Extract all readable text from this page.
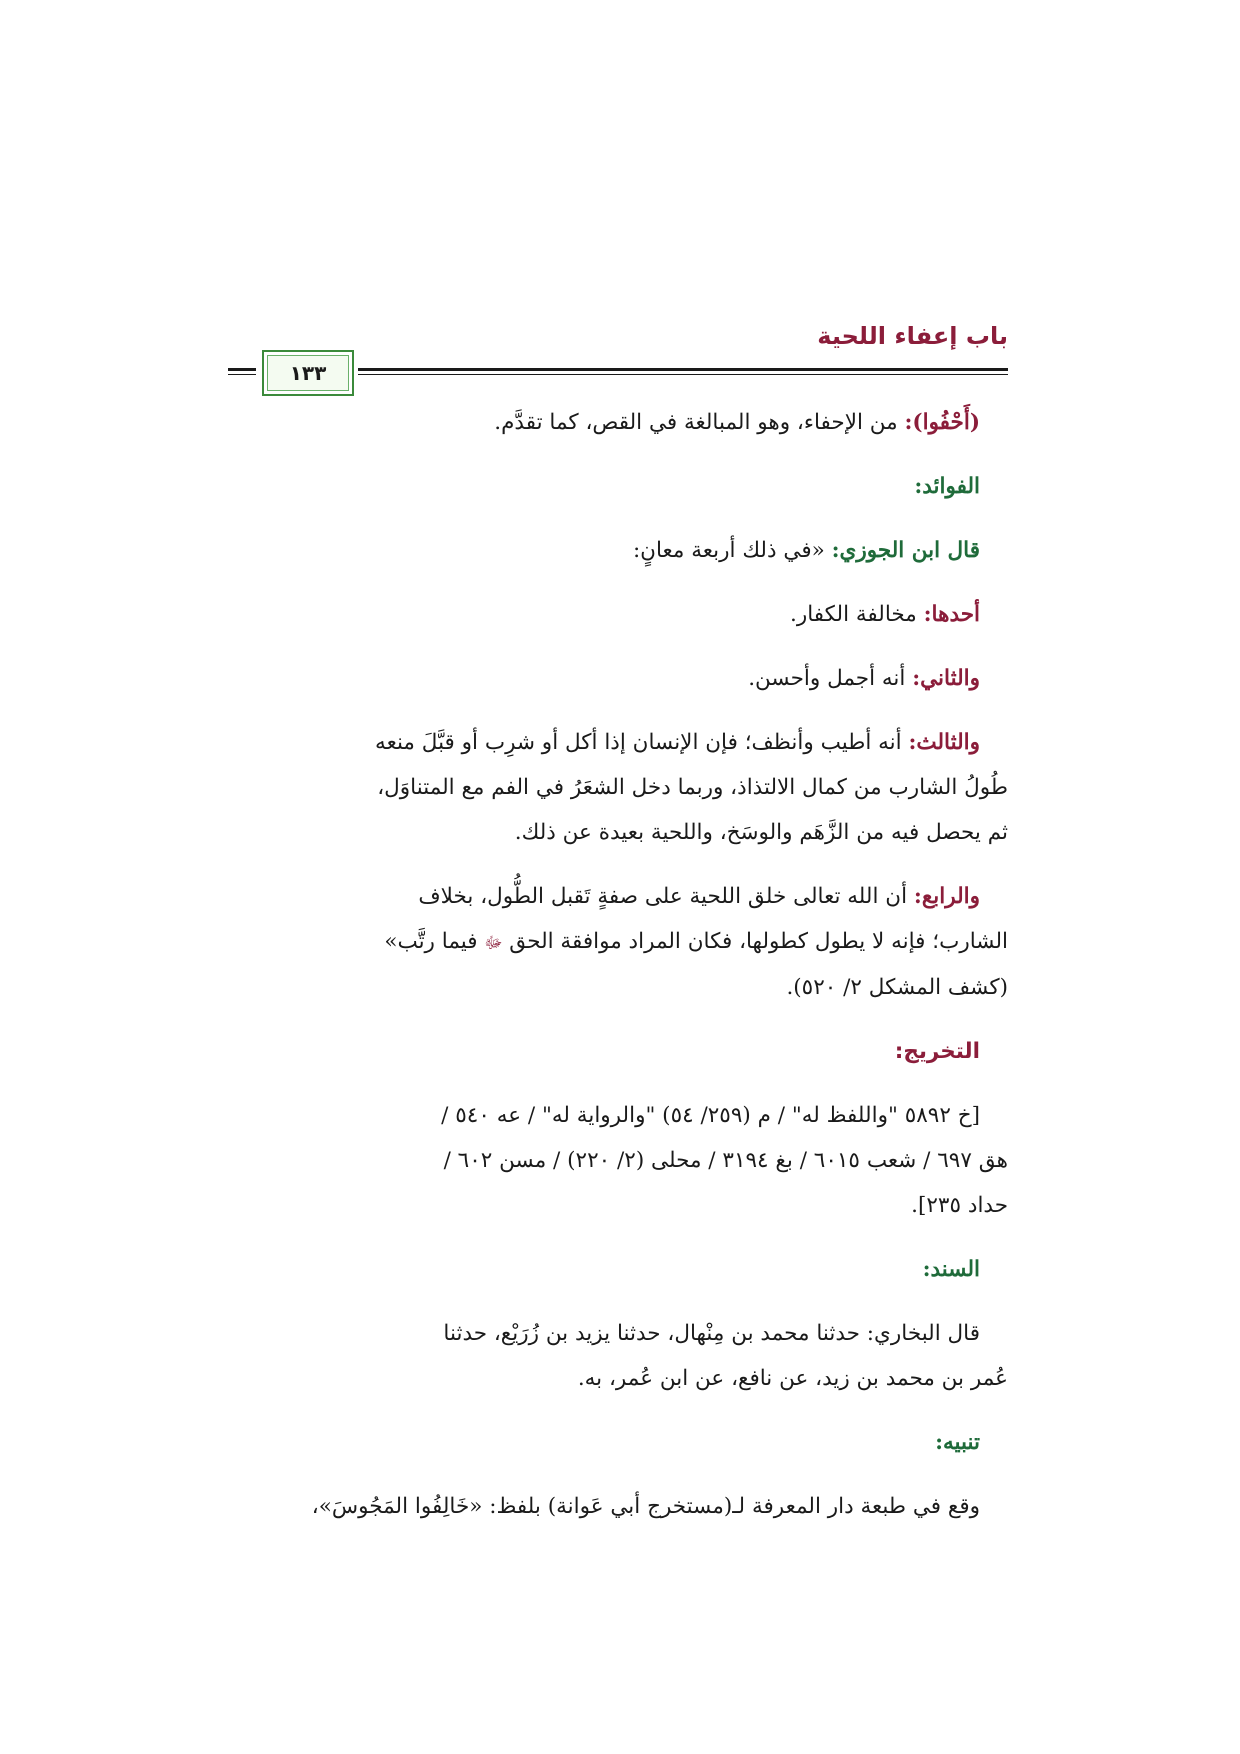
باب إعفاء اللحية
١٣٣

(أَحْفُوا): من الإحفاء، وهو المبالغة في القص، كما تقدَّم.

الفوائد:

قال ابن الجوزي: «في ذلك أربعة معانٍ:

أحدها: مخالفة الكفار.

والثاني: أنه أجمل وأحسن.

والثالث: أنه أطيب وأنظف؛ فإن الإنسان إذا أكل أو شرِب أو قبَّلَ منعه

طُولُ الشارب من كمال الالتذاذ، وربما دخل الشعَرُ في الفم مع المتناوَل،

ثم يحصل فيه من الزَّهَم والوسَخ، واللحية بعيدة عن ذلك.

والرابع: أن الله تعالى خلق اللحية على صفةٍ تَقبل الطُّول، بخلاف

الشارب؛ فإنه لا يطول كطولها، فكان المراد موافقة الحق ﷻ فيما رتَّب»

(كشف المشكل ٢/ ٥٢٠).

التخريج:

[خ ٥٨٩٢ "واللفظ له" / م (٢٥٩/ ٥٤) "والرواية له" / عه ٥٤٠ /

هق ٦٩٧ / شعب ٦٠١٥ / بغ ٣١٩٤ / محلى (٢/ ٢٢٠) / مسن ٦٠٢ /

حداد ٢٣٥].

السند:

قال البخاري: حدثنا محمد بن مِنْهال، حدثنا يزيد بن زُرَيْع، حدثنا

عُمر بن محمد بن زيد، عن نافع، عن ابن عُمر، به.

تنبيه:

وقع في طبعة دار المعرفة لـ(مستخرج أبي عَوانة) بلفظ: «خَالِفُوا المَجُوسَ»،
